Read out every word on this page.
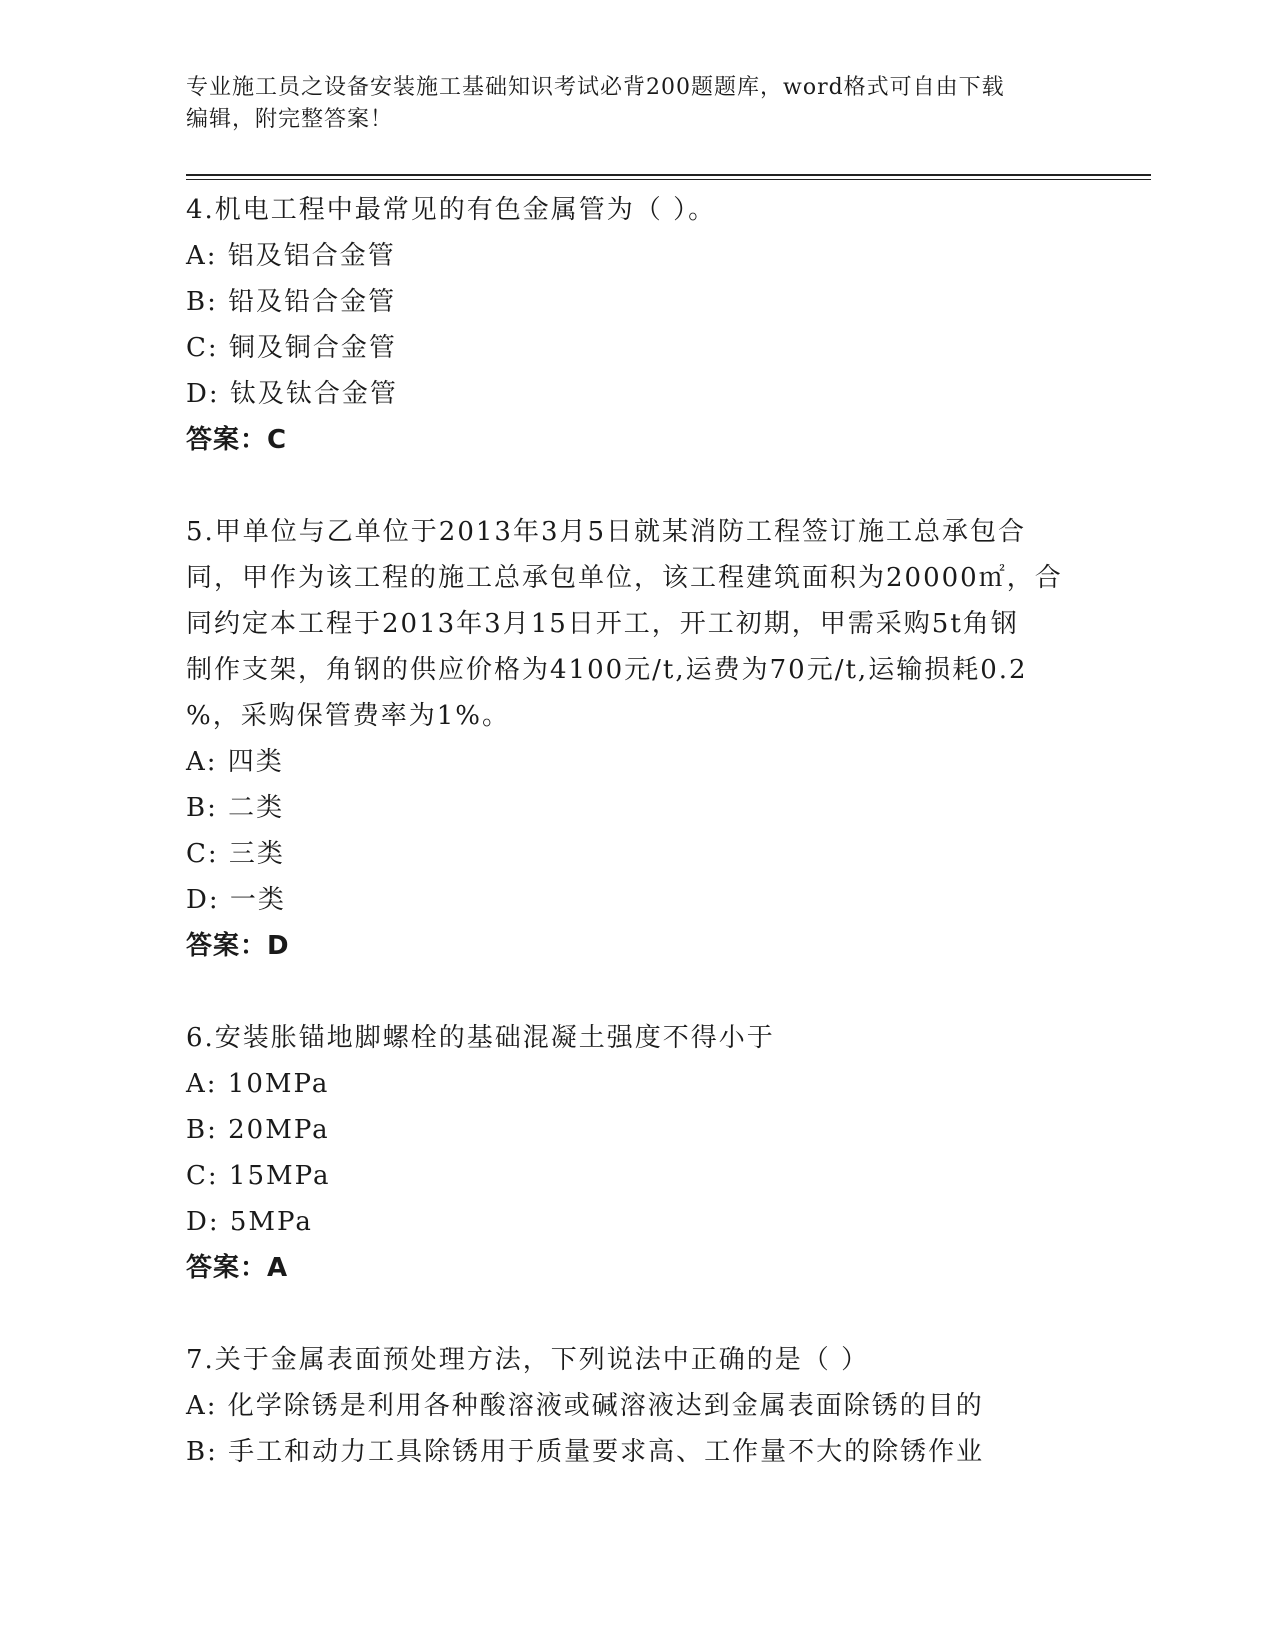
专业施工员之设备安装施工基础知识考试必背200题题库，word格式可自由下载
编辑，附完整答案！
4.机电工程中最常见的有色金属管为（ ）。
A: 铝及铝合金管
B: 铅及铅合金管
C: 铜及铜合金管
D: 钛及钛合金管
答案：C
5.甲单位与乙单位于2013年3月5日就某消防工程签订施工总承包合
同，甲作为该工程的施工总承包单位，该工程建筑面积为20000㎡，合
同约定本工程于2013年3月15日开工，开工初期，甲需采购5t角钢
制作支架，角钢的供应价格为4100元/t,运费为70元/t,运输损耗0.2
%，采购保管费率为1%。
A: 四类
B: 二类
C: 三类
D: 一类
答案：D
6.安装胀锚地脚螺栓的基础混凝土强度不得小于
A: 10MPa
B: 20MPa
C: 15MPa
D: 5MPa
答案：A
7.关于金属表面预处理方法，下列说法中正确的是（ ）
A: 化学除锈是利用各种酸溶液或碱溶液达到金属表面除锈的目的
B: 手工和动力工具除锈用于质量要求高、工作量不大的除锈作业
